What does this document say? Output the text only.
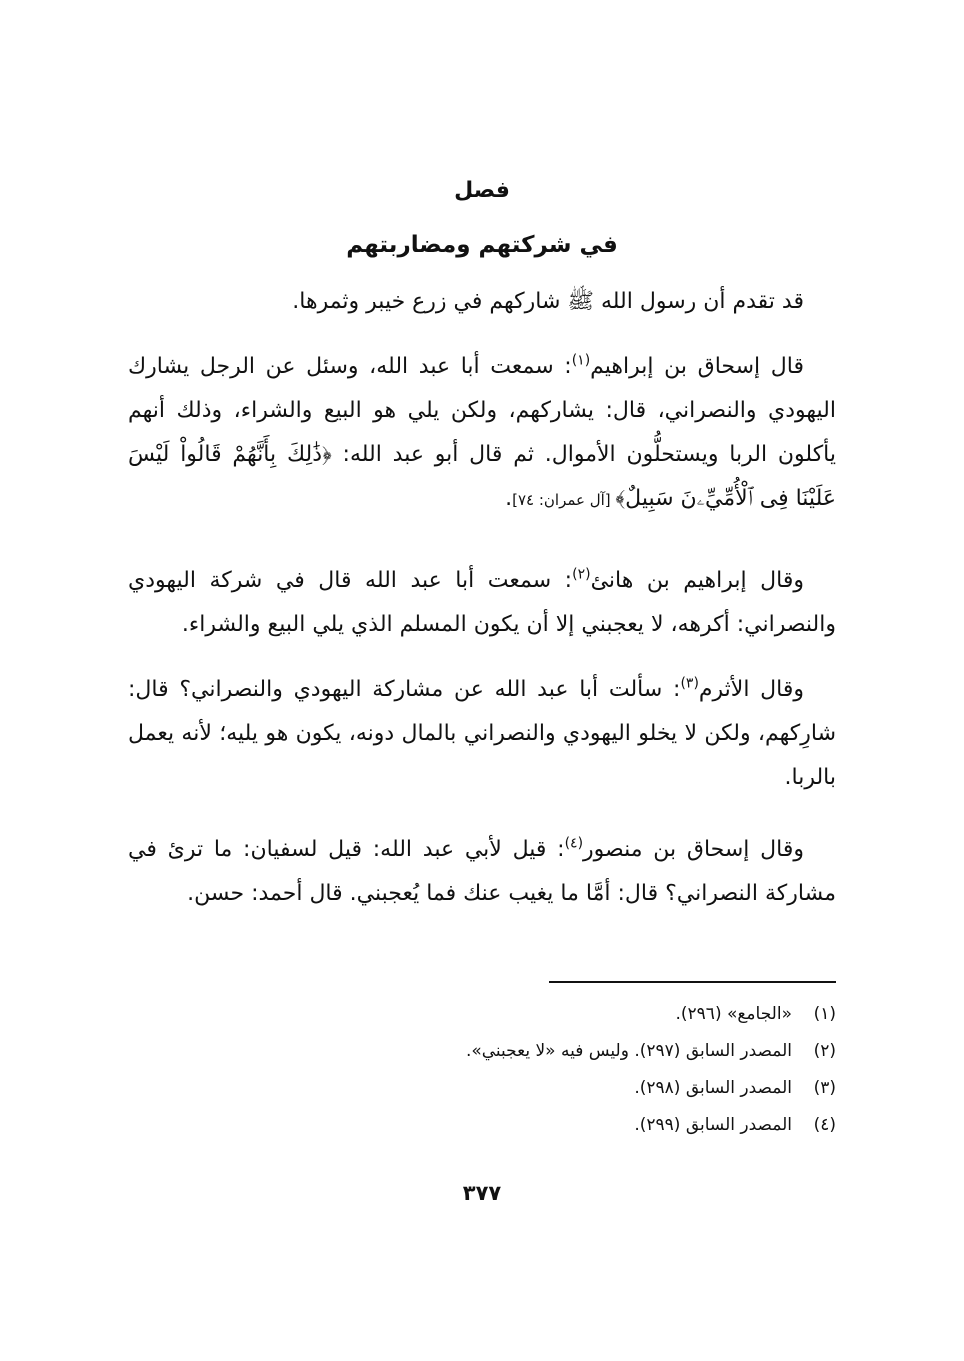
فصل
في شركتهم ومضاربتهم

قد تقدم أن رسول الله ﷺ شاركهم في زرع خيبر وثمرها.

قال إسحاق بن إبراهيم$^{(١)}$: سمعت أبا عبد الله، وسئل عن الرجل يشارك اليهودي والنصراني، قال: يشاركهم، ولكن يلي هو البيع والشراء، وذلك أنهم يأكلون الربا ويستحلُّون الأموال. ثم قال أبو عبد الله: ﴿ذَٰلِكَ بِأَنَّهُمْ قَالُواْ لَيْسَ عَلَيْنَا فِى ٱلْأُمِّيِّۦنَ سَبِيلٌ﴾ [آل عمران: ٧٤].

وقال إبراهيم بن هانئ$^{(٢)}$: سمعت أبا عبد الله قال في شركة اليهودي والنصراني: أكرهه، لا يعجبني إلا أن يكون المسلم الذي يلي البيع والشراء.

وقال الأثرم$^{(٣)}$: سألت أبا عبد الله عن مشاركة اليهودي والنصراني؟ قال: شارِكهم، ولكن لا يخلو اليهودي والنصراني بالمال دونه، يكون هو يليه؛ لأنه يعمل بالربا.

وقال إسحاق بن منصور$^{(٤)}$: قيل لأبي عبد الله: قيل لسفيان: ما ترئ في مشاركة النصراني؟ قال: أمَّا ما يغيب عنك فما يُعجبني. قال أحمد: حسن.

(١)«الجامع» (٢٩٦).
(٢)المصدر السابق (٢٩٧). وليس فيه «لا يعجبني».
(٣)المصدر السابق (٢٩٨).
(٤)المصدر السابق (٢٩٩).
٣٧٧
